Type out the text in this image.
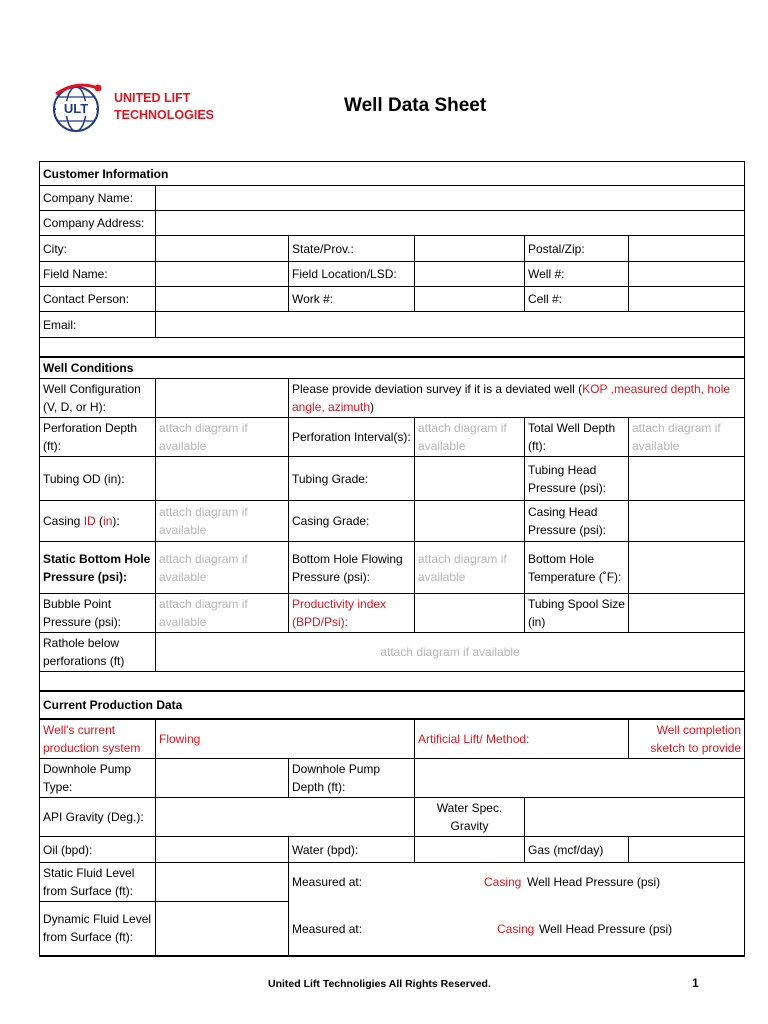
ULT
UNITED LIFT
TECHNOLOGIES	Well Data Sheet
Customer Information					
Company Name:					
Company Address:					
City:		State/Prov.:		Postal/Zip:	
Field Name:		Field Location/LSD:		Well #:	
Contact Person:		Work #:		Cell #:	
Email:					

Well Conditions					
Well Configuration (V, D, or H):		Please provide deviation survey if it is a deviated well (KOP ,measured depth, hole angle, azimuth)			
Perforation Depth (ft):	attach diagram if available	Perforation Interval(s):	attach diagram if available	Total Well Depth (ft):	attach diagram if available
Tubing OD (in):		Tubing Grade:		Tubing Head Pressure (psi):	
Casing ID (in):	attach diagram if available	Casing Grade:		Casing Head Pressure (psi):	
Static Bottom Hole Pressure (psi):	attach diagram if available	Bottom Hole Flowing Pressure (psi):	attach diagram if available	Bottom Hole Temperature (˚F):	
Bubble Point Pressure (psi):	attach diagram if available	Productivity index (BPD/Psi):		Tubing Spool Size (in)	
Rathole below perforations (ft)	attach diagram if available				

Current Production Data					
Well's current production system	Flowing		Artificial Lift/ Method:		Well completion sketch to provide
Downhole Pump Type:		Downhole Pump Depth (ft):			
API Gravity (Deg.):			Water Spec. Gravity		
Oil (bpd):		Water (bpd):		Gas (mcf/day)	
Static Fluid Level from Surface (ft):		Measured at: Casing Well Head Pressure (psi)			

Dynamic Fluid Level from Surface (ft):		Measured at: Casing Well Head Pressure (psi)			
United Lift Technoligies All Rights Reserved.	1
